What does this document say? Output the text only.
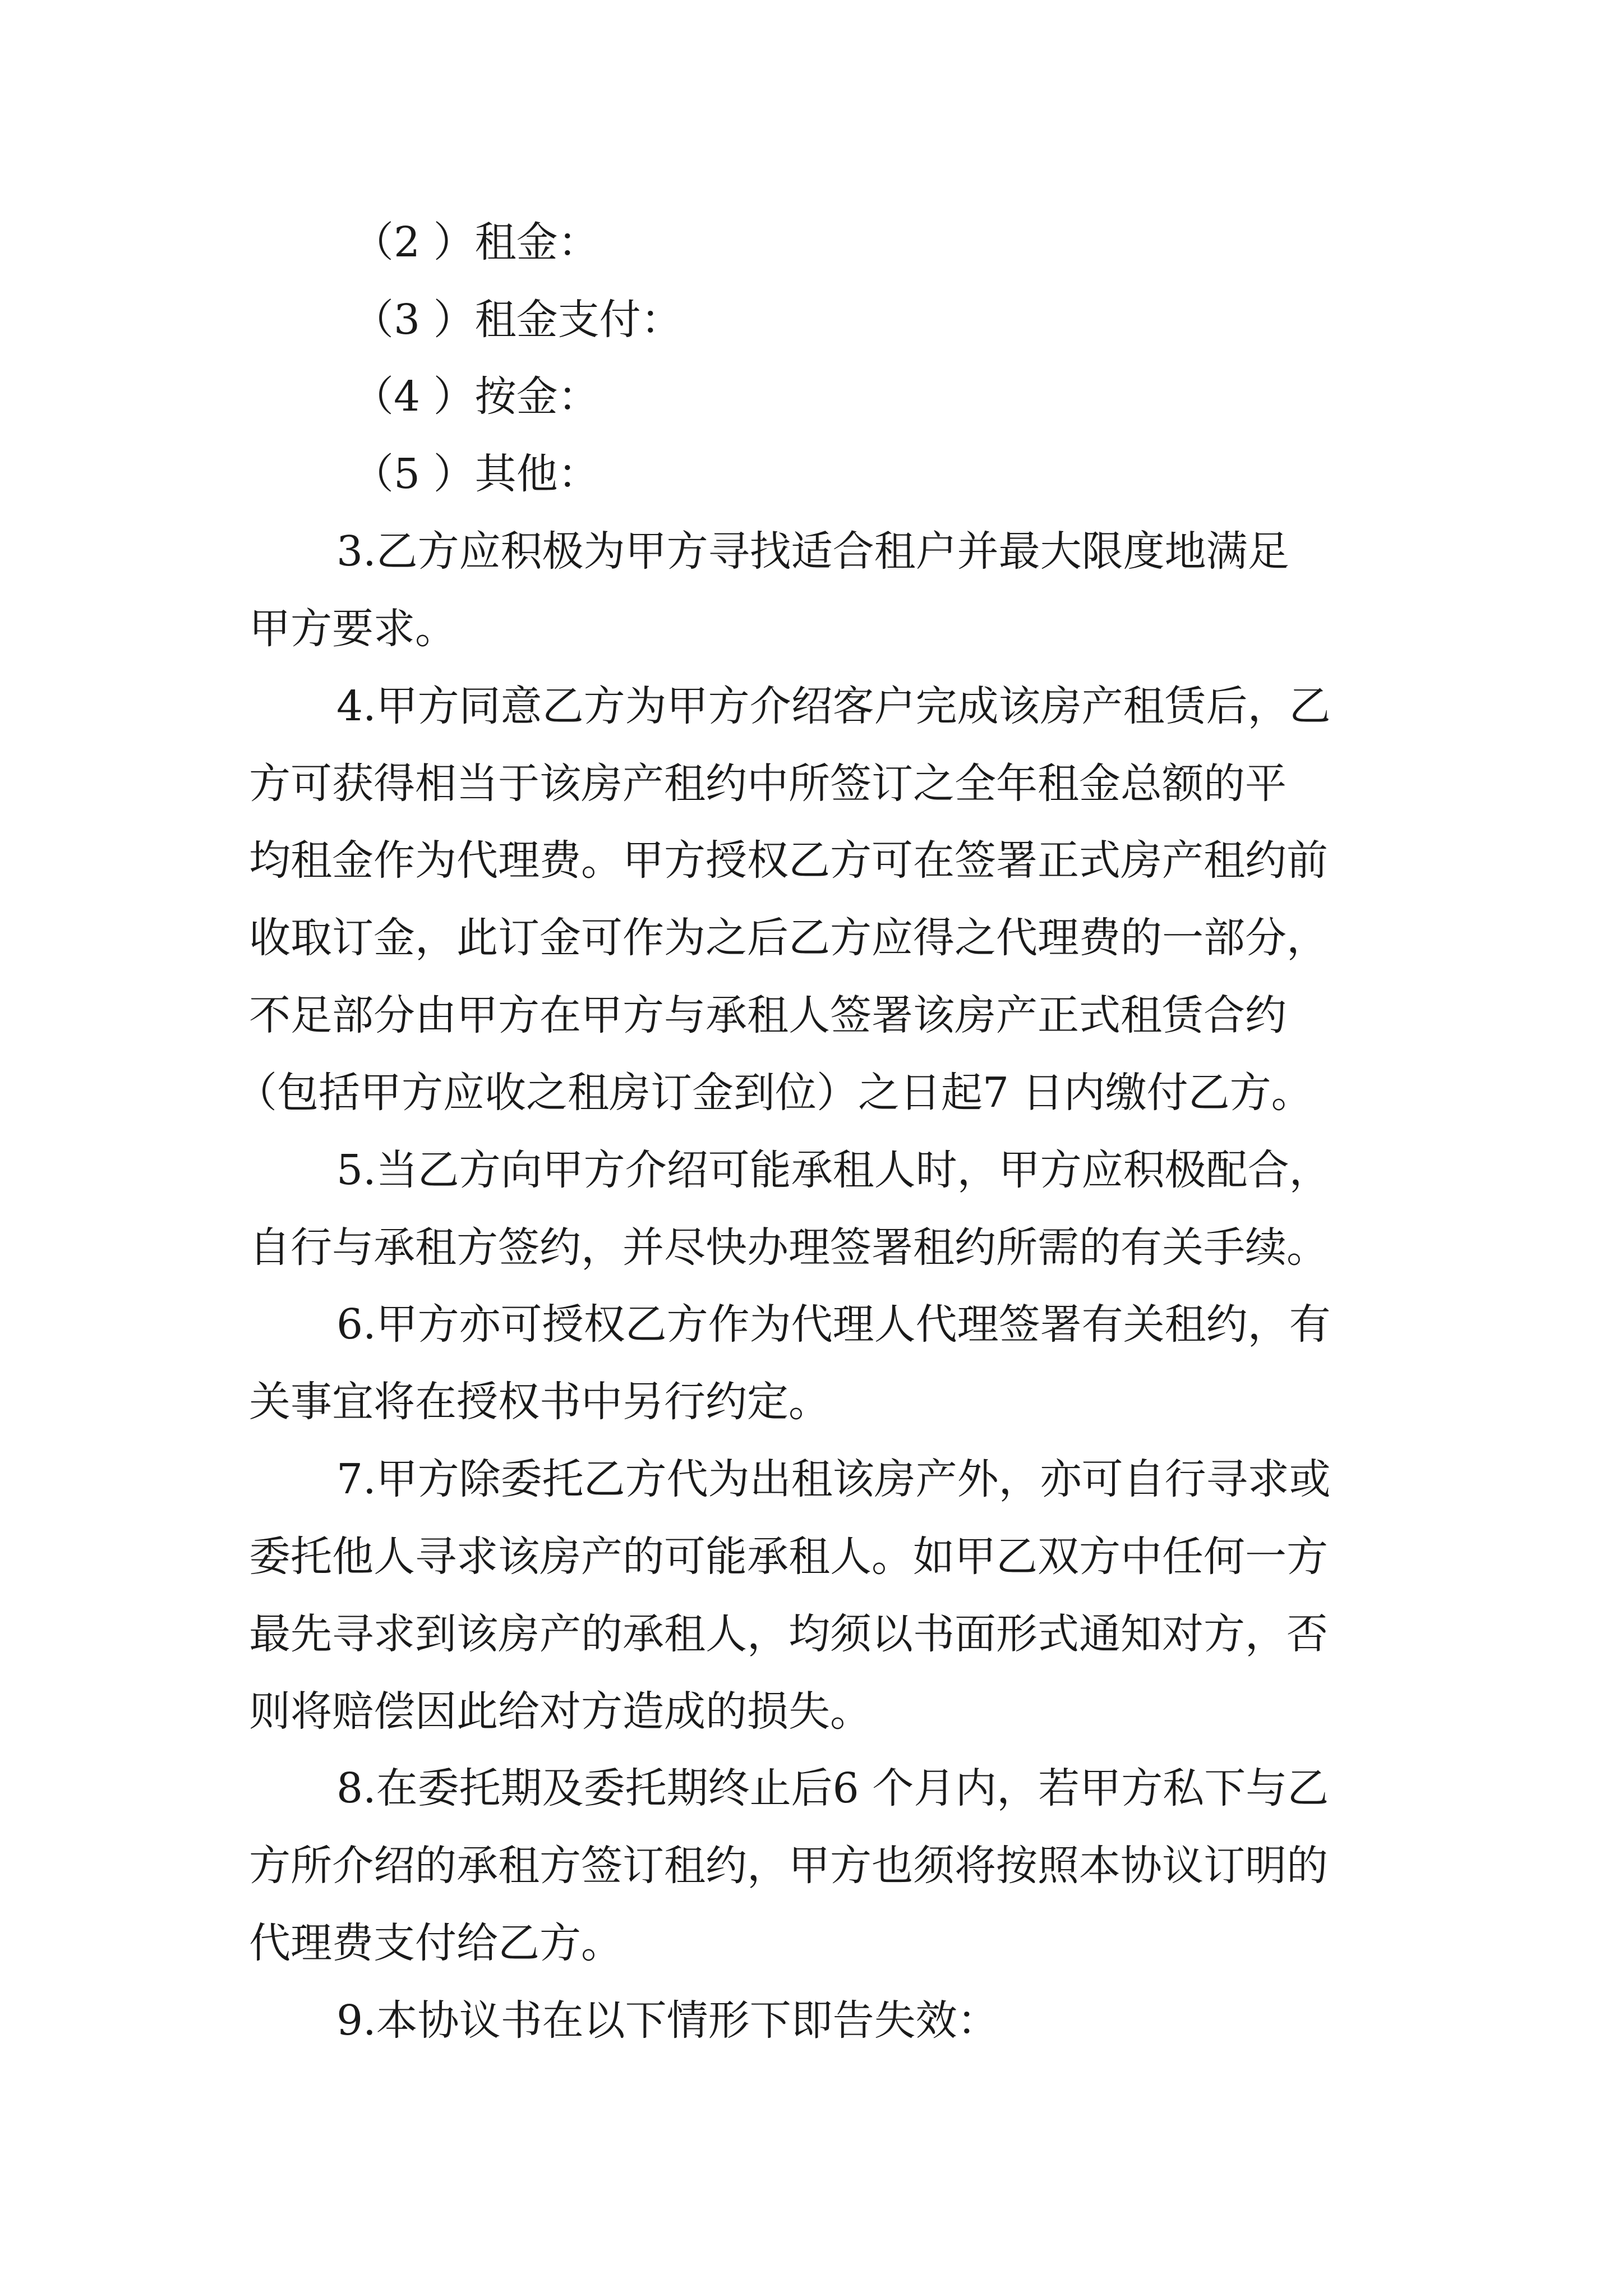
（2 ）租金：
（3 ）租金支付：
（4 ）按金：
（5 ）其他：
3.乙方应积极为甲方寻找适合租户并最大限度地满足
甲方要求。
4.甲方同意乙方为甲方介绍客户完成该房产租赁后，乙
方可获得相当于该房产租约中所签订之全年租金总额的平
均租金作为代理费。甲方授权乙方可在签署正式房产租约前
收取订金，此订金可作为之后乙方应得之代理费的一部分，
不足部分由甲方在甲方与承租人签署该房产正式租赁合约
（包括甲方应收之租房订金到位）之日起7 日内缴付乙方。
5.当乙方向甲方介绍可能承租人时，甲方应积极配合，
自行与承租方签约，并尽快办理签署租约所需的有关手续。
6.甲方亦可授权乙方作为代理人代理签署有关租约，有
关事宜将在授权书中另行约定。
7.甲方除委托乙方代为出租该房产外，亦可自行寻求或
委托他人寻求该房产的可能承租人。如甲乙双方中任何一方
最先寻求到该房产的承租人，均须以书面形式通知对方，否
则将赔偿因此给对方造成的损失。
8.在委托期及委托期终止后6 个月内，若甲方私下与乙
方所介绍的承租方签订租约，甲方也须将按照本协议订明的
代理费支付给乙方。
9.本协议书在以下情形下即告失效：
